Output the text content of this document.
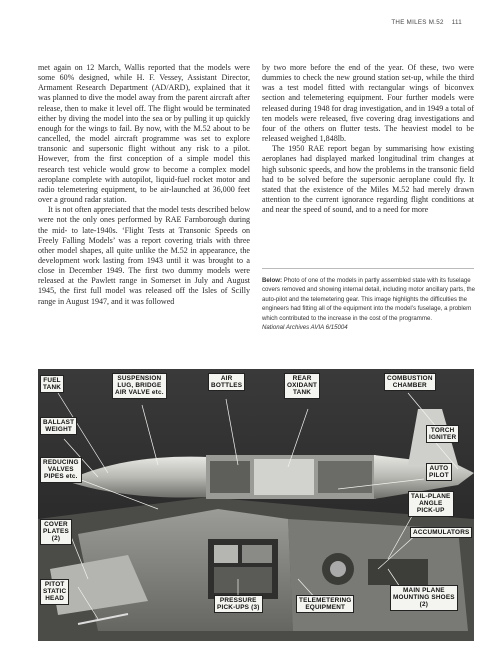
THE MILES M.52 111

met again on 12 March, Wallis reported that the models were some 60% designed, while H. F. Vessey, Assistant Director, Armament Research Department (AD/ARD), explained that it was planned to dive the model away from the parent aircraft after release, then to make it level off. The flight would be terminated either by diving the model into the sea or by pulling it up quickly enough for the wings to fail. By now, with the M.52 about to be cancelled, the model aircraft programme was set to explore transonic and supersonic flight without any risk to a pilot. However, from the first conception of a simple model this research test vehicle would grow to become a complex model aeroplane complete with autopilot, liquid-fuel rocket motor and radio telemetering equipment, to be air-launched at 36,000 feet over a ground radar station.

It is not often appreciated that the model tests described below were not the only ones performed by RAE Farnborough during the mid- to late-1940s. ‘Flight Tests at Transonic Speeds on Freely Falling Models’ was a report covering trials with three other model shapes, all quite unlike the M.52 in appearance, the development work lasting from 1943 until it was brought to a close in December 1949. The first two dummy models were released at the Pawlett range in Somerset in July and August 1945, the first full model was released off the Isles of Scilly range in August 1947, and it was followed

by two more before the end of the year. Of these, two were dummies to check the new ground station set-up, while the third was a test model fitted with rectangular wings of biconvex section and telemetering equipment. Four further models were released during 1948 for drag investigation, and in 1949 a total of ten models were released, five covering drag investigations and four of the others on flutter tests. The heaviest model to be released weighed 1,848lb.

The 1950 RAE report began by summarising how existing aeroplanes had displayed marked longitudinal trim changes at high subsonic speeds, and how the problems in the transonic field had to be solved before the supersonic aeroplane could fly. It stated that the existence of the Miles M.52 had merely drawn attention to the current ignorance regarding flight conditions at and near the speed of sound, and to a need for more

Below: Photo of one of the models in partly assembled state with its fuselage covers removed and showing internal detail, including motor ancillary parts, the auto-pilot and the telemetering gear. This image highlights the difficulties the engineers had fitting all of the equipment into the model’s fuselage, a problem which contributed to the increase in the cost of the programme.
National Archives AVIA 6/15004
FUEL
TANK
SUSPENSION
LUG, BRIDGE
AIR VALVE etc.
AIR
BOTTLES
REAR
OXIDANT
TANK
COMBUSTION
CHAMBER
BALLAST
WEIGHT	TORCH
IGNITER
REDUCING
VALVES
PIPES etc.
AUTO
PILOT
TAIL-PLANE
ANGLE
PICK-UP
ACCUMULATORS
COVER
PLATES
(2)
PITOT
STATIC
HEAD	PRESSURE
PICK-UPS (3)
TELEMETERING
EQUIPMENT
MAIN PLANE
MOUNTING SHOES
(2)
